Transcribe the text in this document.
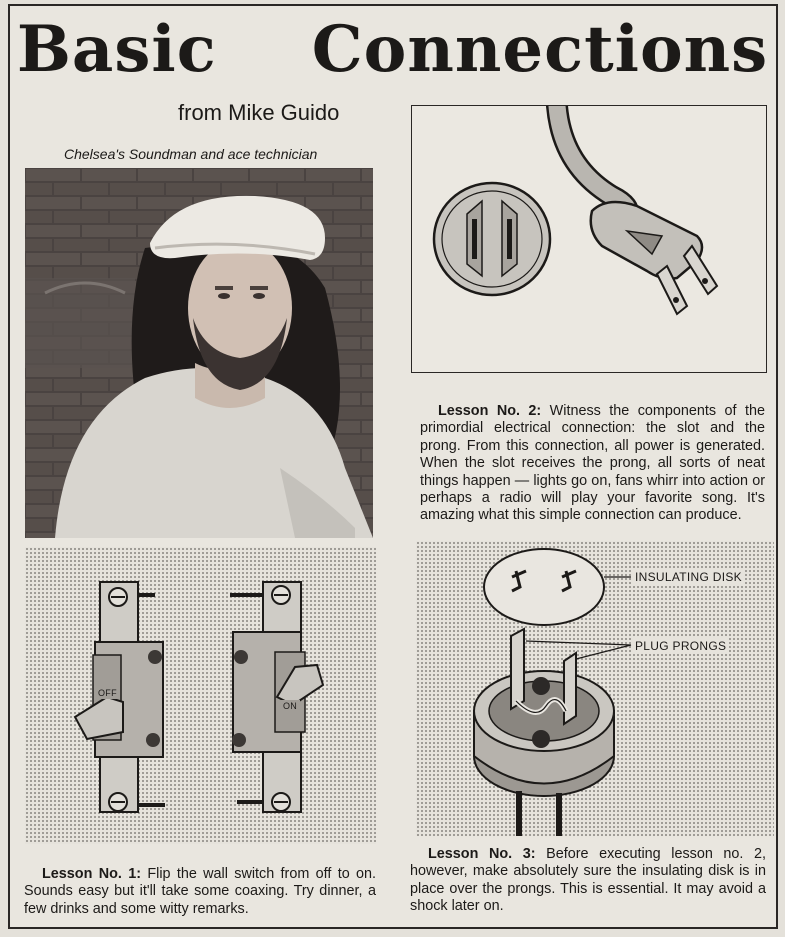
Basic Connections
from Mike Guido
Chelsea's Soundman and ace technician
Lesson No. 2: Witness the components of the primordial electrical connection: the slot and the prong. From this connection, all power is generated. When the slot receives the prong, all sorts of neat things happen — lights go on, fans whirr into action or perhaps a radio will play your favorite song. It's amazing what this simple connection can produce.
OFF
ON
Lesson No. 1: Flip the wall switch from off to on. Sounds easy but it'll take some coaxing. Try dinner, a few drinks and some witty remarks.
INSULATING DISK
PLUG PRONGS
Lesson No. 3: Before executing lesson no. 2, however, make absolutely sure the insulating disk is in place over the prongs. This is essential. It may avoid a shock later on.
